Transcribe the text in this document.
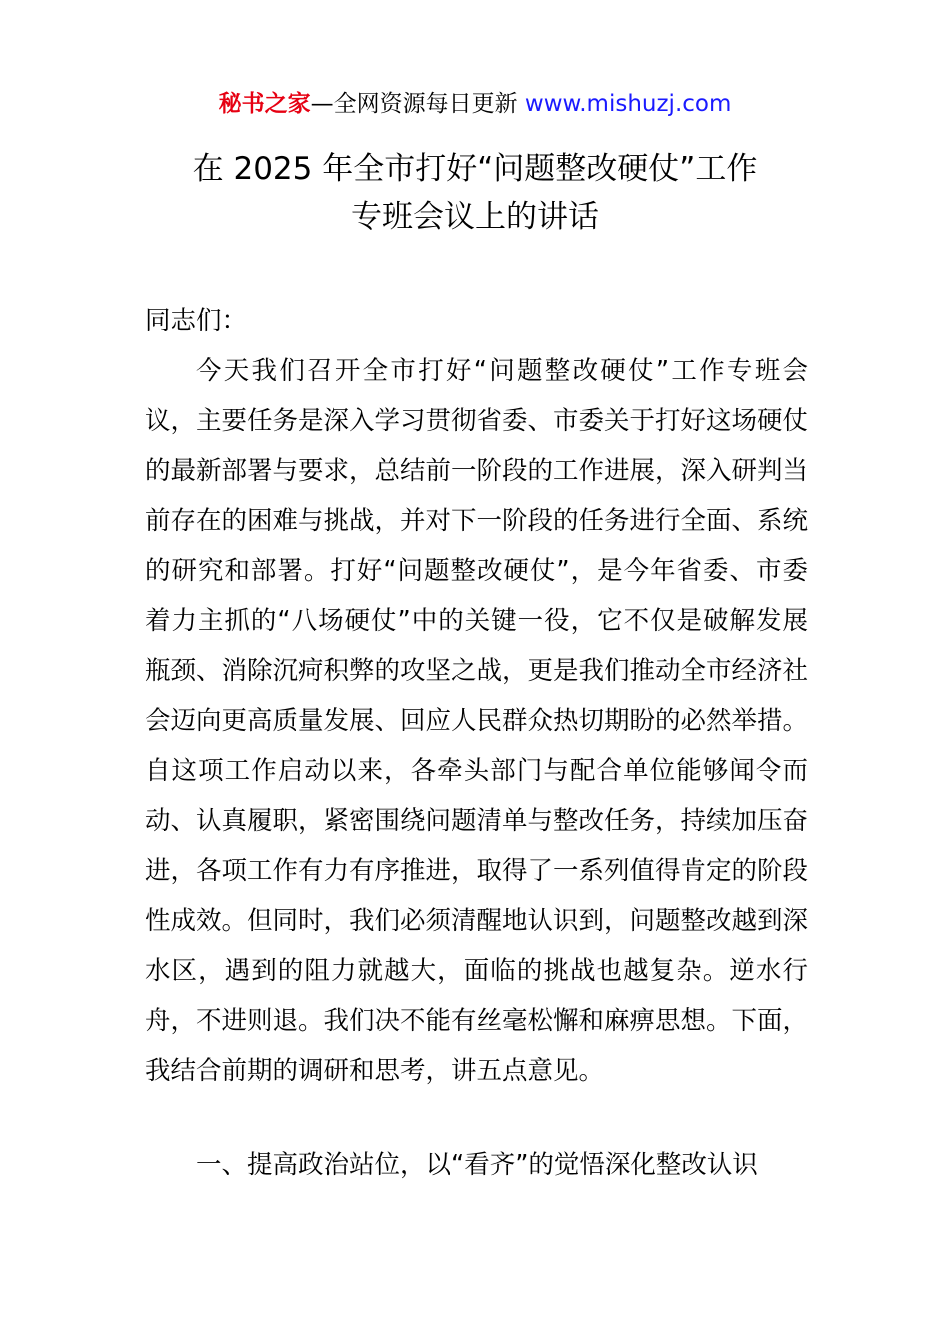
秘书之家—全网资源每日更新 www.mishuzj.com
在 2025 年全市打好“问题整改硬仗”工作
专班会议上的讲话
同志们：

今天我们召开全市打好“问题整改硬仗”工作专班会议，主要任务是深入学习贯彻省委、市委关于打好这场硬仗的最新部署与要求，总结前一阶段的工作进展，深入研判当前存在的困难与挑战，并对下一阶段的任务进行全面、系统的研究和部署。打好“问题整改硬仗”，是今年省委、市委着力主抓的“八场硬仗”中的关键一役，它不仅是破解发展瓶颈、消除沉疴积弊的攻坚之战，更是我们推动全市经济社会迈向更高质量发展、回应人民群众热切期盼的必然举措。自这项工作启动以来，各牵头部门与配合单位能够闻令而动、认真履职，紧密围绕问题清单与整改任务，持续加压奋进，各项工作有力有序推进，取得了一系列值得肯定的阶段性成效。但同时，我们必须清醒地认识到，问题整改越到深水区，遇到的阻力就越大，面临的挑战也越复杂。逆水行舟，不进则退。我们决不能有丝毫松懈和麻痹思想。下面，我结合前期的调研和思考，讲五点意见。

一、提高政治站位，以“看齐”的觉悟深化整改认识
